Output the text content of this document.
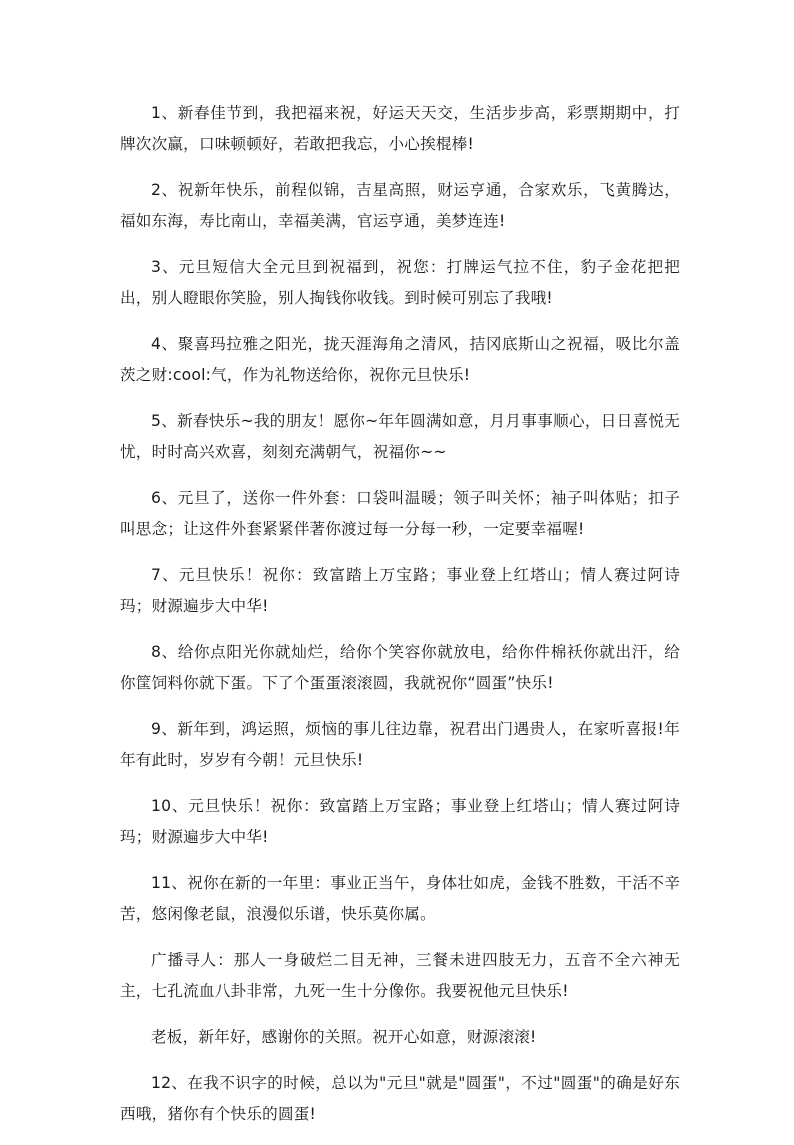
1、新春佳节到，我把福来祝，好运天天交，生活步步高，彩票期期中，打牌次次赢，口味顿顿好，若敢把我忘，小心挨棍棒!

2、祝新年快乐，前程似锦，吉星高照，财运亨通，合家欢乐，飞黄腾达，福如东海，寿比南山，幸福美满，官运亨通，美梦连连!

3、元旦短信大全元旦到祝福到，祝您：打牌运气拉不住，豹子金花把把出，别人瞪眼你笑脸，别人掏钱你收钱。到时候可别忘了我哦!

4、聚喜玛拉雅之阳光，拢天涯海角之清风，拮冈底斯山之祝福，吸比尔盖茨之财:cool:气，作为礼物送给你，祝你元旦快乐!

5、新春快乐~我的朋友！愿你~年年圆满如意，月月事事顺心，日日喜悦无忧，时时高兴欢喜，刻刻充满朝气，祝福你~~

6、元旦了，送你一件外套：口袋叫温暖；领子叫关怀；袖子叫体贴；扣子叫思念；让这件外套紧紧伴著你渡过每一分每一秒，一定要幸福喔!

7、元旦快乐！祝你：致富踏上万宝路；事业登上红塔山；情人赛过阿诗玛；财源遍步大中华!

8、给你点阳光你就灿烂，给你个笑容你就放电，给你件棉袄你就出汗，给你筐饲料你就下蛋。下了个蛋蛋滚滚圆，我就祝你“圆蛋”快乐!

9、新年到，鸿运照，烦恼的事儿往边靠，祝君出门遇贵人，在家听喜报!年年有此时，岁岁有今朝！元旦快乐!

10、元旦快乐！祝你：致富踏上万宝路；事业登上红塔山；情人赛过阿诗玛；财源遍步大中华!

11、祝你在新的一年里：事业正当午，身体壮如虎，金钱不胜数，干活不辛苦，悠闲像老鼠，浪漫似乐谱，快乐莫你属。

广播寻人：那人一身破烂二目无神，三餐未进四肢无力，五音不全六神无主，七孔流血八卦非常，九死一生十分像你。我要祝他元旦快乐!

老板，新年好，感谢你的关照。祝开心如意，财源滚滚!

12、在我不识字的时候，总以为"元旦"就是"圆蛋"，不过"圆蛋"的确是好东西哦，猪你有个快乐的圆蛋!
